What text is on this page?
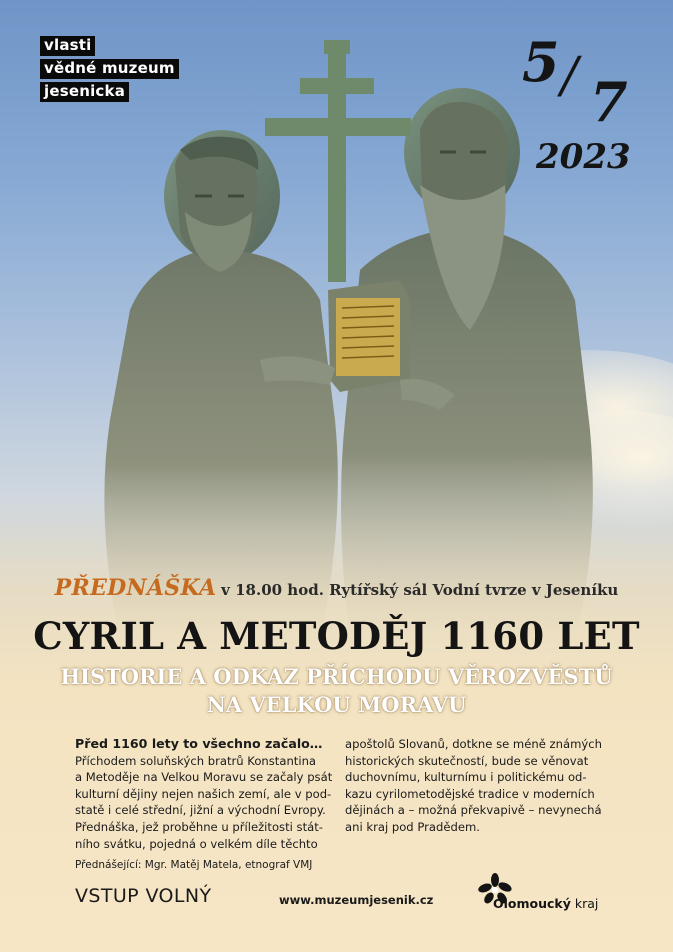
vlasti
vědné muzeum
jesenicka	5 / 7
2023
PŘEDNÁŠKA v 18.00 hod. Rytířský sál Vodní tvrze v Jeseníku
CYRIL A METODĚJ 1160 LET
HISTORIE A ODKAZ PŘÍCHODU VĚROZVĚSTŮ
NA VELKOU MORAVU
Před 1160 lety to všechno začalo…
Příchodem soluňských bratrů Konstantina
a Metoděje na Velkou Moravu se začaly psát
kulturní dějiny nejen našich zemí, ale v pod-
statě i celé střední, jižní a východní Evropy.
Přednáška, jež proběhne u příležitosti stát-
ního svátku, pojedná o velkém díle těchto
apoštolů Slovanů, dotkne se méně známých
historických skutečností, bude se věnovat
duchovnímu, kulturnímu i politickému od-
kazu cyrilometodějské tradice v moderních
dějinách a – možná překvapivě – nevynechá
ani kraj pod Pradědem.
Přednášející: Mgr. Matěj Matela, etnograf VMJ
VSTUP VOLNÝ	www.muzeumjesenik.cz	Olomoucký kraj
